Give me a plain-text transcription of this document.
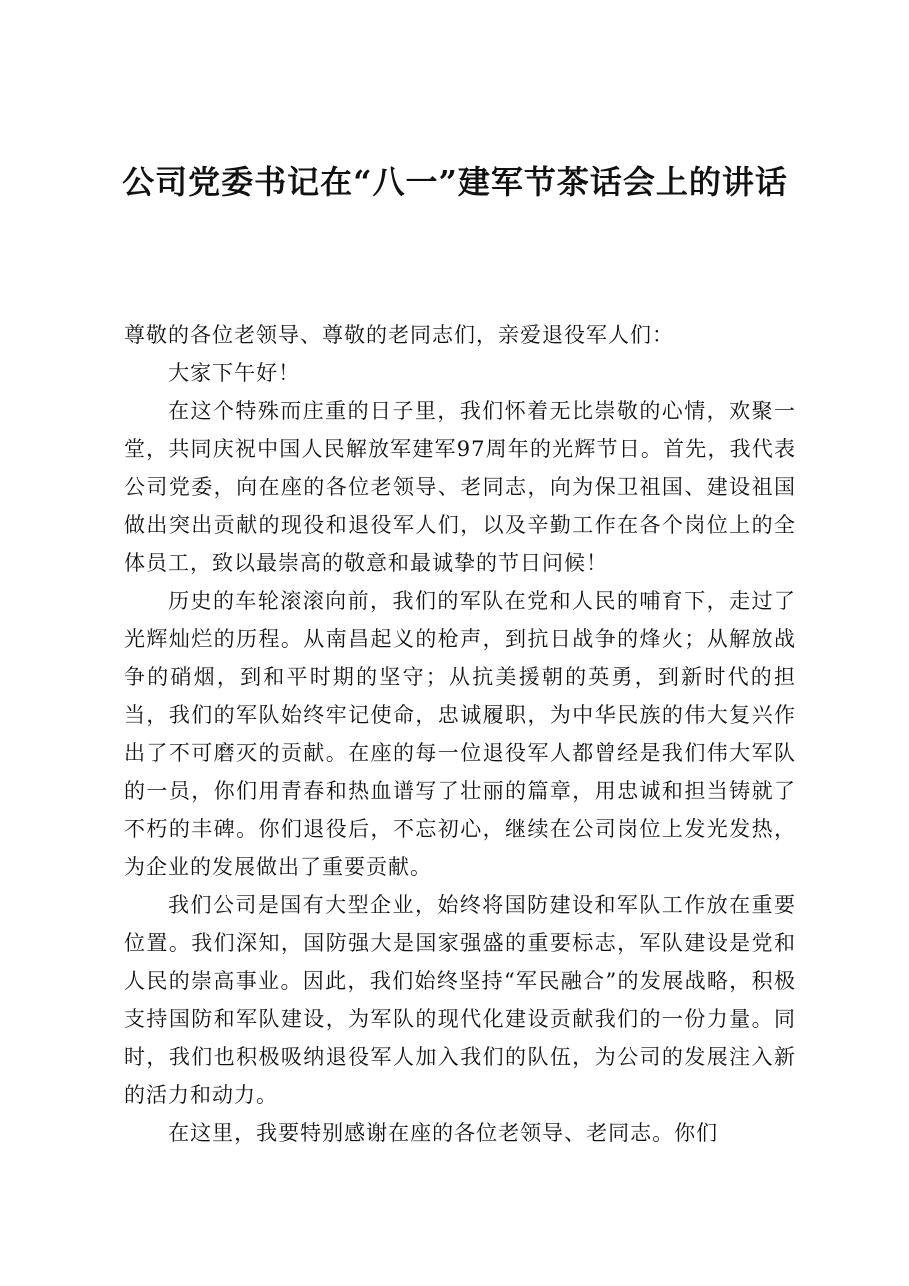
公司党委书记在“八一”建军节茶话会上的讲话

尊敬的各位老领导、尊敬的老同志们，亲爱退役军人们：

大家下午好！

在这个特殊而庄重的日子里，我们怀着无比崇敬的心情，欢聚一堂，共同庆祝中国人民解放军建军97周年的光辉节日。首先，我代表公司党委，向在座的各位老领导、老同志，向为保卫祖国、建设祖国做出突出贡献的现役和退役军人们，以及辛勤工作在各个岗位上的全体员工，致以最崇高的敬意和最诚挚的节日问候！

历史的车轮滚滚向前，我们的军队在党和人民的哺育下，走过了光辉灿烂的历程。从南昌起义的枪声，到抗日战争的烽火；从解放战争的硝烟，到和平时期的坚守；从抗美援朝的英勇，到新时代的担当，我们的军队始终牢记使命，忠诚履职，为中华民族的伟大复兴作出了不可磨灭的贡献。在座的每一位退役军人都曾经是我们伟大军队的一员，你们用青春和热血谱写了壮丽的篇章，用忠诚和担当铸就了不朽的丰碑。你们退役后，不忘初心，继续在公司岗位上发光发热，为企业的发展做出了重要贡献。

我们公司是国有大型企业，始终将国防建设和军队工作放在重要位置。我们深知，国防强大是国家强盛的重要标志，军队建设是党和人民的崇高事业。因此，我们始终坚持“军民融合”的发展战略，积极支持国防和军队建设，为军队的现代化建设贡献我们的一份力量。同时，我们也积极吸纳退役军人加入我们的队伍，为公司的发展注入新的活力和动力。

在这里，我要特别感谢在座的各位老领导、老同志。你们
